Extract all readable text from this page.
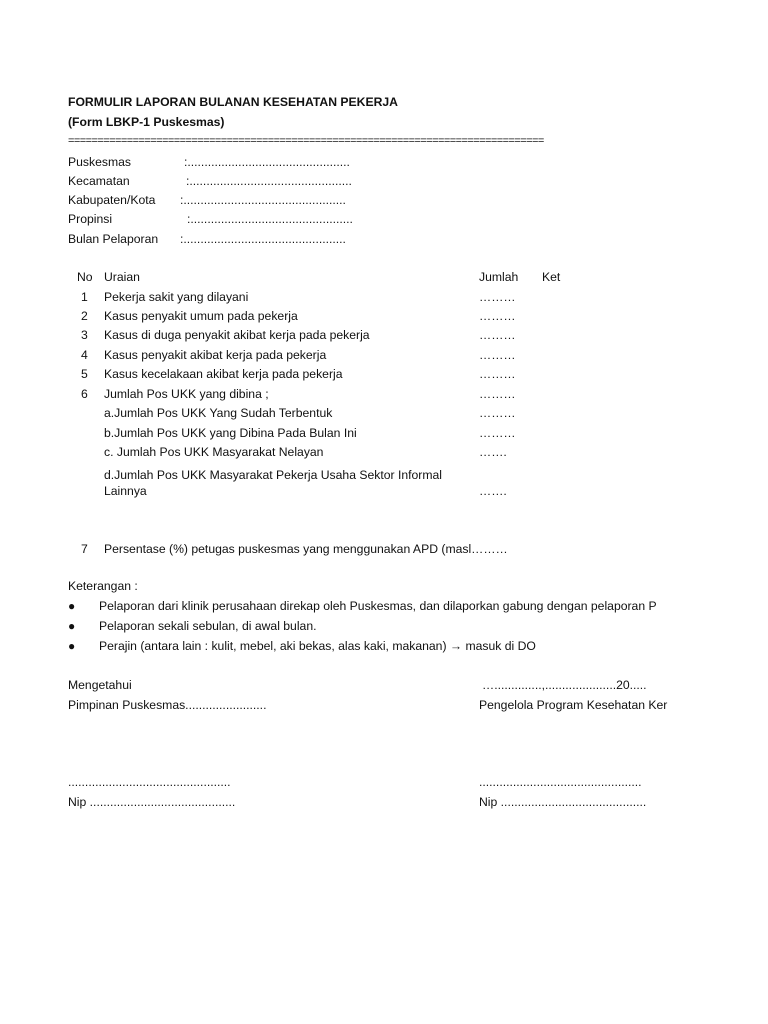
FORMULIR LAPORAN BULANAN KESEHATAN PEKERJA
(Form LBKP-1 Puskesmas)
=================================================================================
Puskesmas	:................................................
Kecamatan	:................................................
Kabupaten/Kota :................................................
Propinsi	:................................................
Bulan Pelaporan :................................................
No Uraian	Jumlah Ket
1 Pekerja sakit yang dilayani	………
2 Kasus penyakit umum pada pekerja	………
3 Kasus di duga penyakit akibat kerja pada pekerja	………
4 Kasus penyakit akibat kerja pada pekerja	………
5 Kasus kecelakaan akibat kerja pada pekerja	………
6 Jumlah Pos UKK yang dibina ;	………
a.Jumlah Pos UKK Yang Sudah Terbentuk	………
b.Jumlah Pos UKK yang Dibina Pada Bulan Ini	………
c. Jumlah Pos UKK Masyarakat Nelayan	…….
d.Jumlah Pos UKK Masyarakat Pekerja Usaha Sektor Informal
Lainnya	…….
7 Persentase (%) petugas puskesmas yang menggunakan APD (masl………
Keterangan :
● Pelaporan dari klinik perusahaan direkap oleh Puskesmas, dan dilaporkan gabung dengan pelaporan P
● Pelaporan sekali sebulan, di awal bulan.
● Perajin (antara lain : kulit, mebel, aki bekas, alas kaki, makanan) → masuk di DO
Mengetahui
Pimpinan Puskesmas........................
…..............,.....................20.....
Pengelola Program Kesehatan Ker
................................................
Nip ...........................................
................................................
Nip ...........................................
